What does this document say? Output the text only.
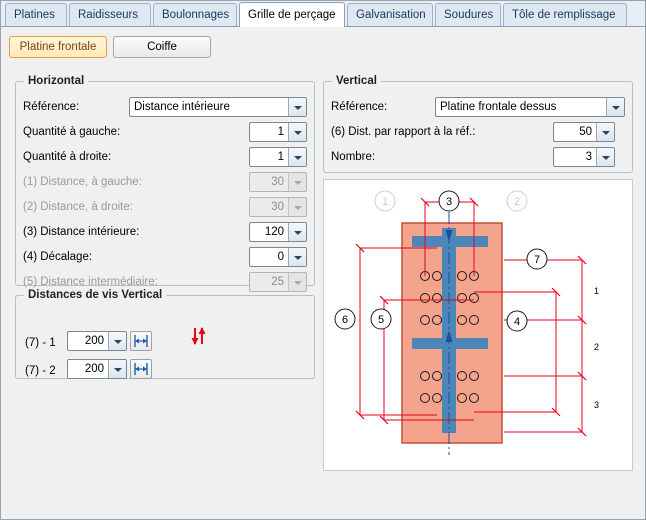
Platines	Raidisseurs	Boulonnages	Grille de perçage	Galvanisation	Soudures	Tôle de remplissage
Platine frontale	Coiffe
Horizontal
Référence:	Distance intérieure
Quantité à gauche:	1
Quantité à droite:	1
(1) Distance, à gauche:	30
(2) Distance, à droite:	30
(3) Distance intérieure:	120
(4) Décalage:	0
(5) Distance intermédiaire:	25
Vertical
Référence:	Platine frontale dessus
(6) Dist. par rapport à la réf.:	50
Nombre:	3
Distances de vis Vertical
(7) - 1	200
(7) - 2	200
1
2
3
1	3	2
7
6	5	4
